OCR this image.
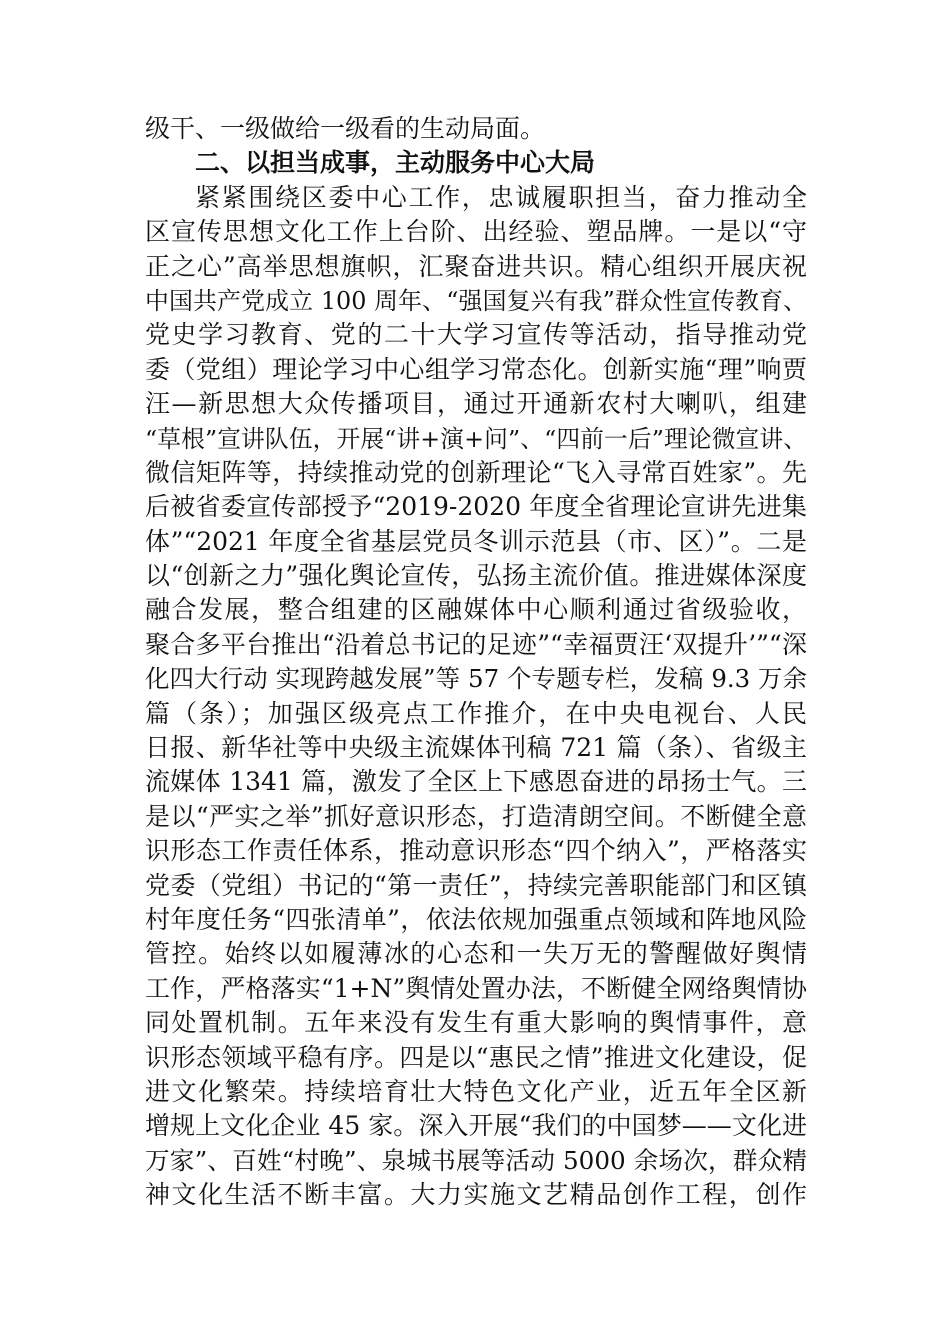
级干、一级做给一级看的生动局面。
二、以担当成事，主动服务中心大局
紧紧围绕区委中心工作，忠诚履职担当，奋力推动全
区宣传思想文化工作上台阶、出经验、塑品牌。一是以“守
正之心”高举思想旗帜，汇聚奋进共识。精心组织开展庆祝
中国共产党成立 100 周年、“强国复兴有我”群众性宣传教育、
党史学习教育、党的二十大学习宣传等活动，指导推动党
委（党组）理论学习中心组学习常态化。创新实施“理”响贾
汪—新思想大众传播项目，通过开通新农村大喇叭，组建
“草根”宣讲队伍，开展“讲+演+问”、“四前一后”理论微宣讲、
微信矩阵等，持续推动党的创新理论“飞入寻常百姓家”。先
后被省委宣传部授予“2019-2020 年度全省理论宣讲先进集
体”“2021 年度全省基层党员冬训示范县（市、区）”。二是
以“创新之力”强化舆论宣传，弘扬主流价值。推进媒体深度
融合发展，整合组建的区融媒体中心顺利通过省级验收，
聚合多平台推出“沿着总书记的足迹”“幸福贾汪‘双提升’”“深
化四大行动 实现跨越发展”等 57 个专题专栏，发稿 9.3 万余
篇（条）；加强区级亮点工作推介，在中央电视台、人民
日报、新华社等中央级主流媒体刊稿 721 篇（条）、省级主
流媒体 1341 篇，激发了全区上下感恩奋进的昂扬士气。三
是以“严实之举”抓好意识形态，打造清朗空间。不断健全意
识形态工作责任体系，推动意识形态“四个纳入”，严格落实
党委（党组）书记的“第一责任”，持续完善职能部门和区镇
村年度任务“四张清单”，依法依规加强重点领域和阵地风险
管控。始终以如履薄冰的心态和一失万无的警醒做好舆情
工作，严格落实“1+N”舆情处置办法，不断健全网络舆情协
同处置机制。五年来没有发生有重大影响的舆情事件，意
识形态领域平稳有序。四是以“惠民之情”推进文化建设，促
进文化繁荣。持续培育壮大特色文化产业，近五年全区新
增规上文化企业 45 家。深入开展“我们的中国梦——文化进
万家”、百姓“村晚”、泉城书展等活动 5000 余场次，群众精
神文化生活不断丰富。大力实施文艺精品创作工程，创作
